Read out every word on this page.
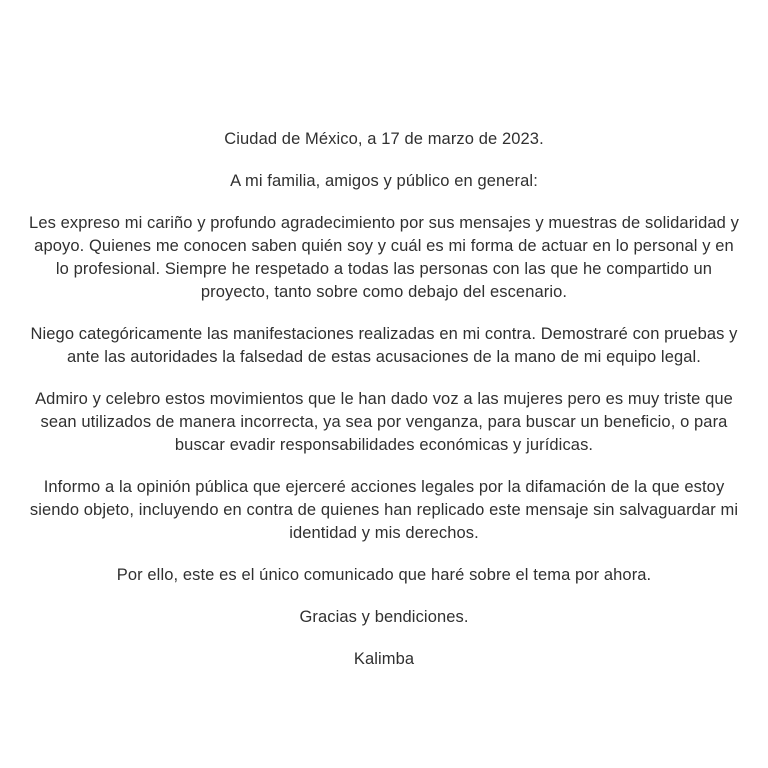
Ciudad de México, a 17 de marzo de 2023.

A mi familia, amigos y público en general:

Les expreso mi cariño y profundo agradecimiento por sus mensajes y muestras de solidaridad y apoyo. Quienes me conocen saben quién soy y cuál es mi forma de actuar en lo personal y en lo profesional. Siempre he respetado a todas las personas con las que he compartido un proyecto, tanto sobre como debajo del escenario.

Niego categóricamente las manifestaciones realizadas en mi contra. Demostraré con pruebas y ante las autoridades la falsedad de estas acusaciones de la mano de mi equipo legal.

Admiro y celebro estos movimientos que le han dado voz a las mujeres pero es muy triste que sean utilizados de manera incorrecta, ya sea por venganza, para buscar un beneficio, o para buscar evadir responsabilidades económicas y jurídicas.

Informo a la opinión pública que ejerceré acciones legales por la difamación de la que estoy siendo objeto, incluyendo en contra de quienes han replicado este mensaje sin salvaguardar mi identidad y mis derechos.

Por ello, este es el único comunicado que haré sobre el tema por ahora.

Gracias y bendiciones.

Kalimba
